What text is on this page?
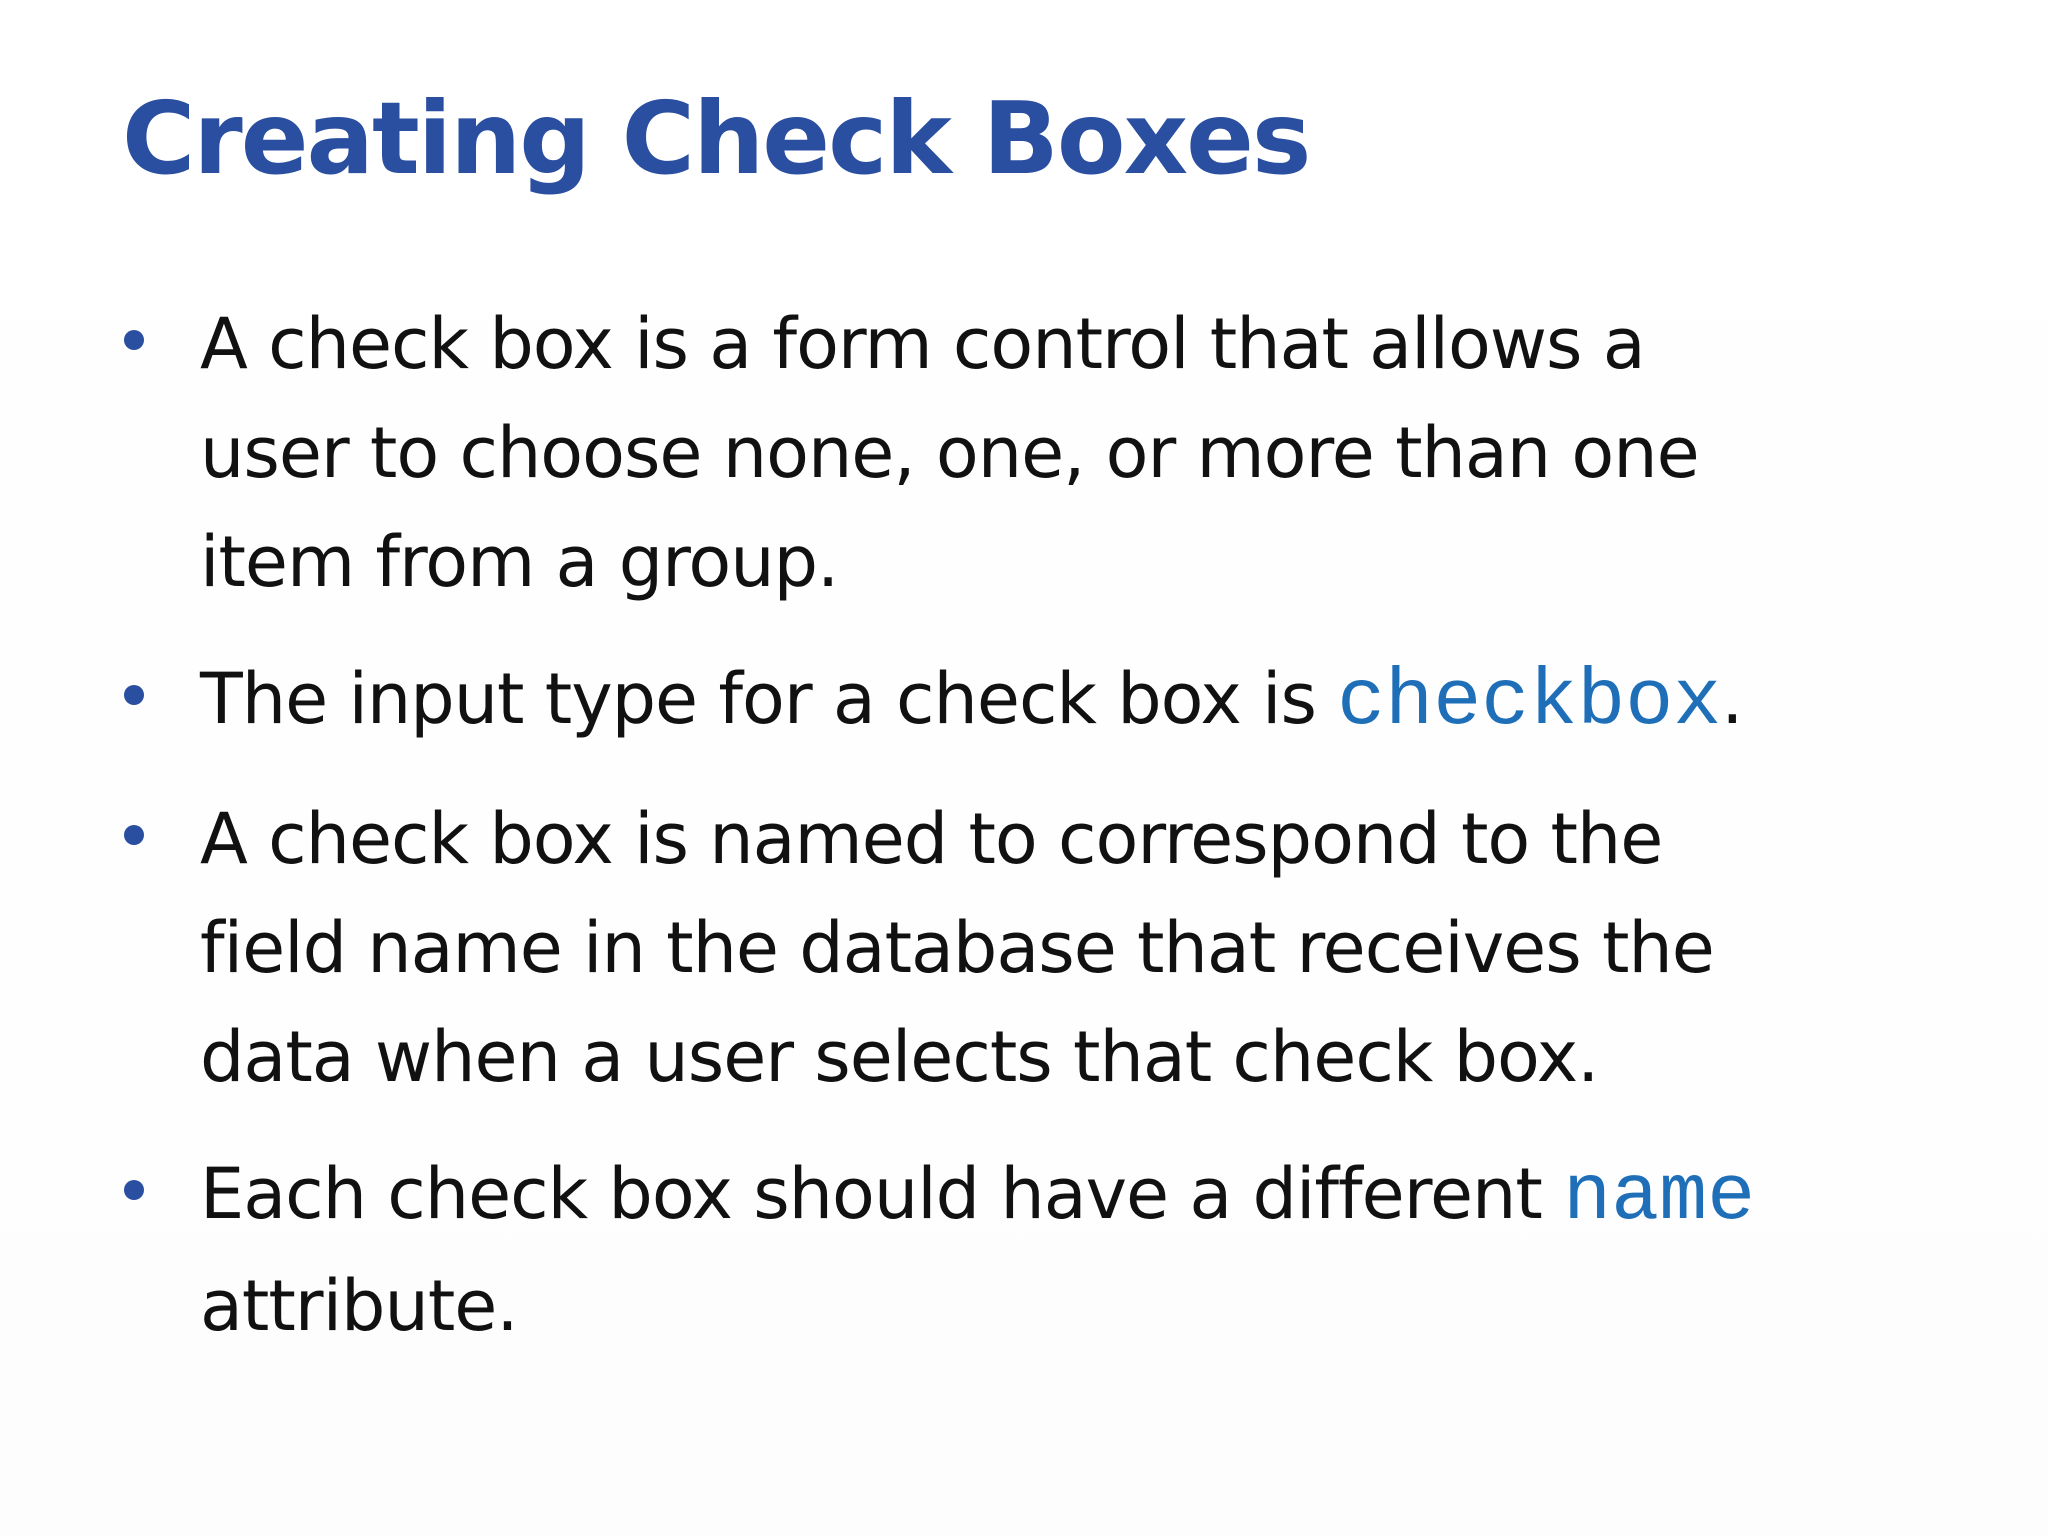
Creating Check Boxes
A check box is a form control that allows a
user to choose none, one, or more than one
item from a group.
The input type for a check box is checkbox.
A check box is named to correspond to the
field name in the database that receives the
data when a user selects that check box.
Each check box should have a different name
attribute.
